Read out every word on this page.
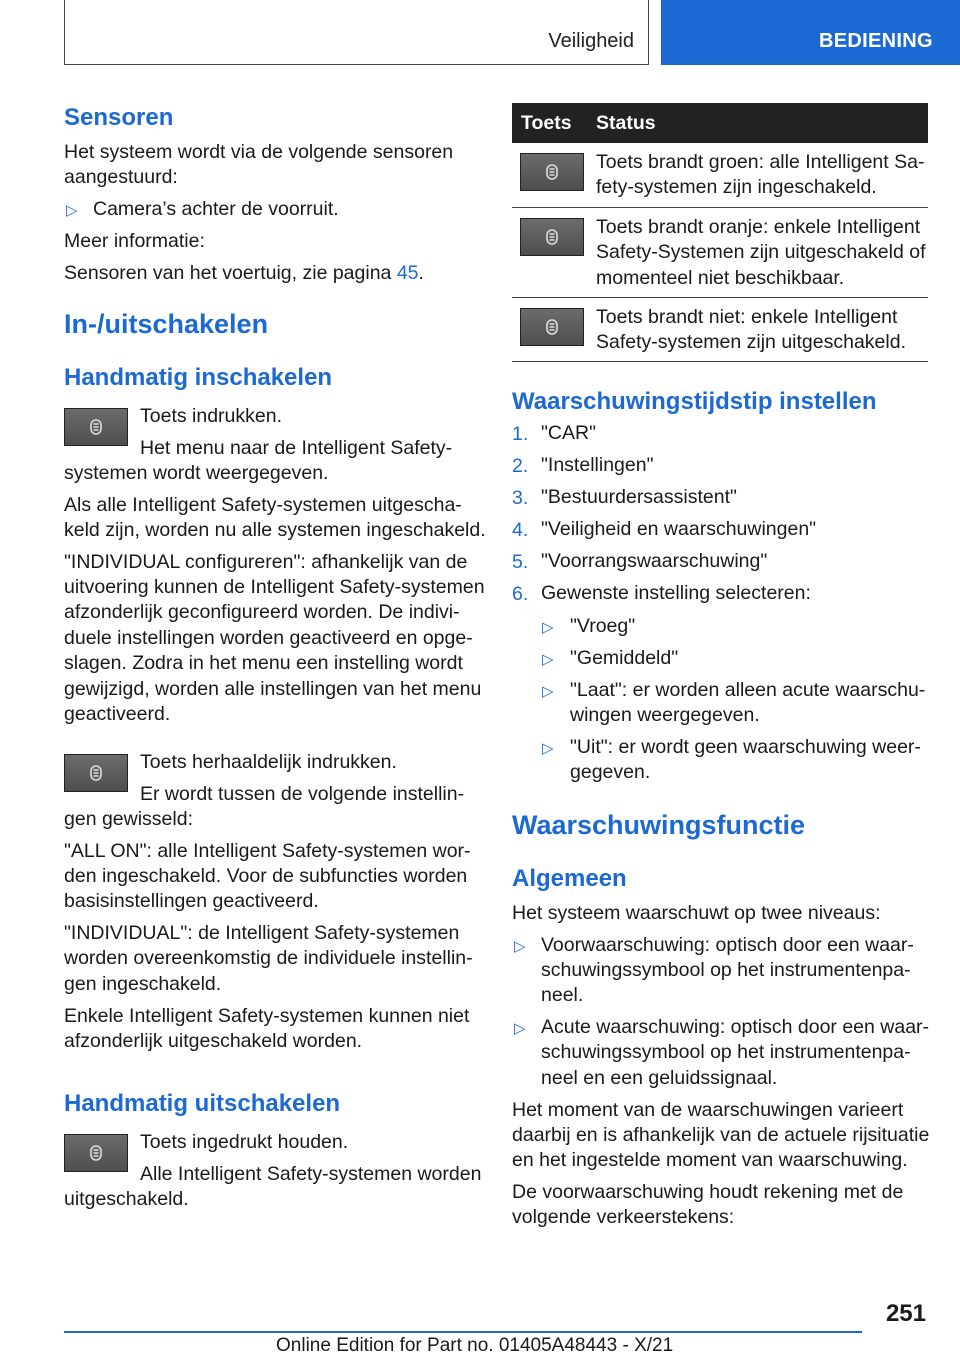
Veiligheid	BEDIENING
Sensoren
Het systeem wordt via de volgende sensoren
aangestuurd:
▷ Camera’s achter de voorruit.
Meer informatie:
Sensoren van het voertuig, zie pagina 45.
In-/uitschakelen
Handmatig inschakelen
Toets indrukken.
Het menu naar de Intelligent Safety-
systemen wordt weergegeven.
Als alle Intelligent Safety-systemen uitgescha-
keld zijn, worden nu alle systemen ingeschakeld.
"INDIVIDUAL configureren": afhankelijk van de
uitvoering kunnen de Intelligent Safety-systemen
afzonderlijk geconfigureerd worden. De indivi-
duele instellingen worden geactiveerd en opge-
slagen. Zodra in het menu een instelling wordt
gewijzigd, worden alle instellingen van het menu
geactiveerd.
Toets herhaaldelijk indrukken.
Er wordt tussen de volgende instellin-
gen gewisseld:
"ALL ON": alle Intelligent Safety-systemen wor-
den ingeschakeld. Voor de subfuncties worden
basisinstellingen geactiveerd.
"INDIVIDUAL": de Intelligent Safety-systemen
worden overeenkomstig de individuele instellin-
gen ingeschakeld.
Enkele Intelligent Safety-systemen kunnen niet
afzonderlijk uitgeschakeld worden.
Handmatig uitschakelen
Toets ingedrukt houden.
Alle Intelligent Safety-systemen worden
uitgeschakeld.
Toets Status
Toets brandt groen: alle Intelligent Sa-
fety-systemen zijn ingeschakeld.
Toets brandt oranje: enkele Intelligent
Safety-Systemen zijn uitgeschakeld of
momenteel niet beschikbaar.
Toets brandt niet: enkele Intelligent
Safety-systemen zijn uitgeschakeld.
Waarschuwingstijdstip instellen
1. "CAR"
2. "Instellingen"
3. "Bestuurdersassistent"
4. "Veiligheid en waarschuwingen"
5. "Voorrangswaarschuwing"
6. Gewenste instelling selecteren:
▷ "Vroeg"
▷ "Gemiddeld"
▷ "Laat": er worden alleen acute waarschu-
wingen weergegeven.
▷ "Uit": er wordt geen waarschuwing weer-
gegeven.
Waarschuwingsfunctie
Algemeen
Het systeem waarschuwt op twee niveaus:
▷ Voorwaarschuwing: optisch door een waar-
schuwingssymbool op het instrumentenpa-
neel.
▷ Acute waarschuwing: optisch door een waar-
schuwingssymbool op het instrumentenpa-
neel en een geluidssignaal.
Het moment van de waarschuwingen varieert
daarbij en is afhankelijk van de actuele rijsituatie
en het ingestelde moment van waarschuwing.
De voorwaarschuwing houdt rekening met de
volgende verkeerstekens:
251
Online Edition for Part no. 01405A48443 - X/21
